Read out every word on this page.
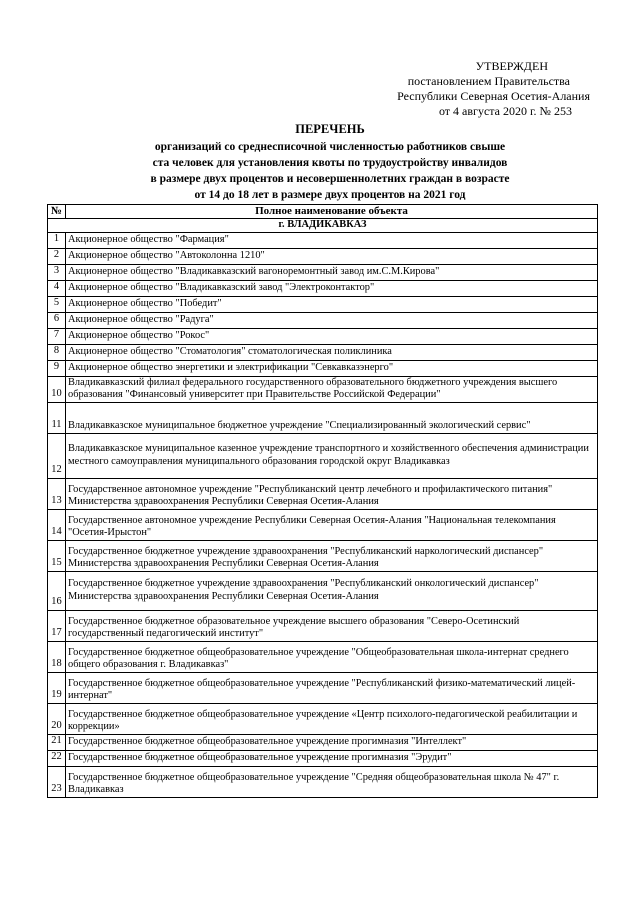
УТВЕРЖДЕН
постановлением Правительства
Республики Северная Осетия-Алания
от 4 августа 2020 г. № 253
ПЕРЕЧЕНЬ
организаций со среднесписочной численностью работников свыше
ста человек для установления квоты по трудоустройству инвалидов
в размере двух процентов и несовершеннолетних граждан в возрасте
от 14 до 18 лет в размере двух процентов на 2021 год
№	Полное наименование объекта
г. ВЛАДИКАВКАЗ	
1	Акционерное общество "Фармация"
2	Акционерное общество "Автоколонна 1210"
3	Акционерное общество "Владикавказский вагоноремонтный завод им.С.М.Кирова"
4	Акционерное общество "Владикавказский завод "Электроконтактор"
5	Акционерное общество "Победит"
6	Акционерное общество "Радуга"
7	Акционерное общество "Рокос"
8	Акционерное общество "Стоматология" стоматологическая поликлиника
9	Акционерное общество энергетики и электрификации "Севкавказэнерго"
10	Владикавказский филиал федерального государственного образовательного бюджетного учреждения высшего образования "Финансовый университет при Правительстве Российской Федерации"
11	Владикавказское муниципальное бюджетное учреждение "Специализированный экологический сервис"
12	Владикавказское муниципальное казенное учреждение транспортного и хозяйственного обеспечения администрации местного самоуправления муниципального образования городской округ Владикавказ
13	Государственное автономное учреждение "Республиканский центр лечебного и профилактического питания" Министерства здравоохранения Республики Северная Осетия-Алания
14	Государственное автономное учреждение Республики Северная Осетия-Алания "Национальная телекомпания "Осетия-Ирыстон"
15	Государственное бюджетное учреждение здравоохранения "Республиканский наркологический диспансер" Министерства здравоохранения Республики Северная Осетия-Алания
16	Государственное бюджетное учреждение здравоохранения "Республиканский онкологический диспансер" Министерства здравоохранения Республики Северная Осетия-Алания
17	Государственное бюджетное образовательное учреждение высшего образования "Северо-Осетинский государственный педагогический институт"
18	Государственное бюджетное общеобразовательное учреждение "Общеобразовательная школа-интернат среднего общего образования г. Владикавказ"
19	Государственное бюджетное общеобразовательное учреждение "Республиканский физико-математический лицей-интернат"
20	Государственное бюджетное общеобразовательное учреждение «Центр психолого-педагогической реабилитации и коррекции»
21	Государственное бюджетное общеобразовательное учреждение прогимназия "Интеллект"
22	Государственное бюджетное общеобразовательное учреждение прогимназия "Эрудит"
23	Государственное бюджетное общеобразовательное учреждение "Средняя общеобразовательная школа № 47" г. Владикавказ
